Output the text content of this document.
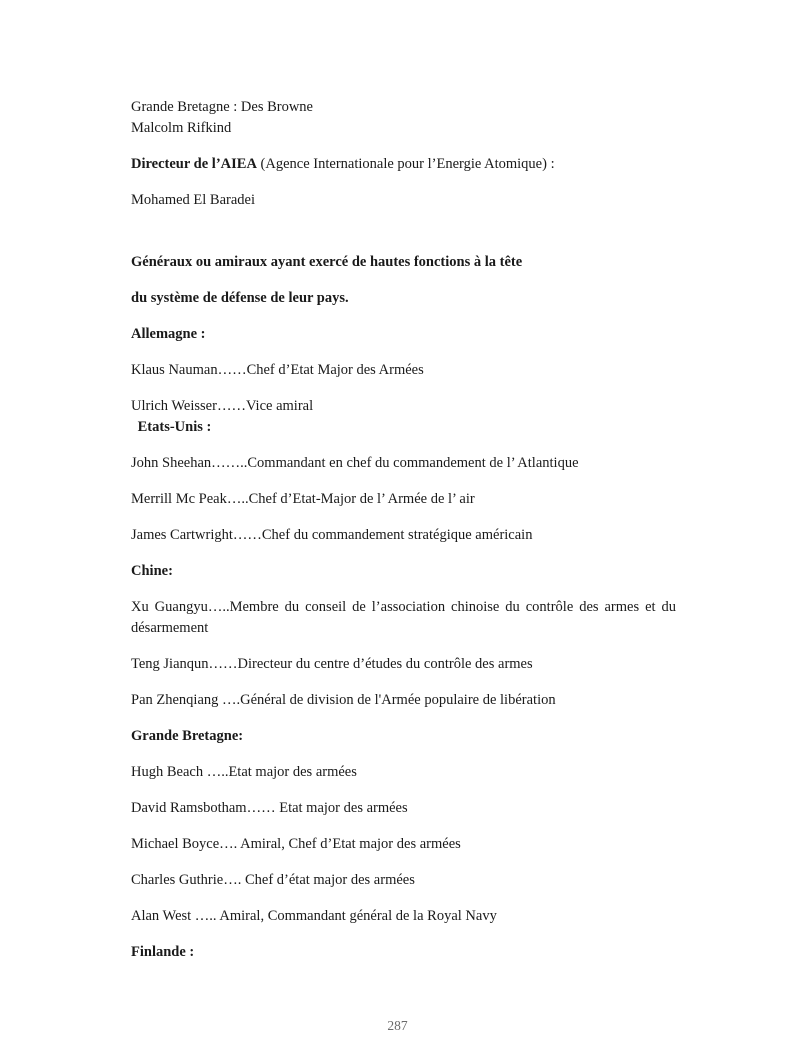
Grande Bretagne : Des Browne
Malcolm Rifkind
Directeur de l’AIEA (Agence Internationale pour l’Energie Atomique) :
Mohamed El Baradei
Généraux ou amiraux ayant exercé de hautes fonctions à la tête
du système de défense de leur pays.
Allemagne :
Klaus Nauman……Chef d’Etat Major des Armées
Ulrich Weisser……Vice amiral
Etats-Unis :
John Sheehan……..Commandant en chef du commandement de l’ Atlantique
Merrill Mc Peak…..Chef d’Etat-Major de l’ Armée de l’ air
James Cartwright……Chef du commandement stratégique américain
Chine:
Xu Guangyu…..Membre du conseil de l’association chinoise du contrôle des armes et du désarmement
Teng Jianqun……Directeur du centre d’études du contrôle des armes
Pan Zhenqiang ….Général de division de l'Armée populaire de libération
Grande Bretagne:
Hugh Beach …..Etat major des armées
David Ramsbotham…… Etat major des armées
Michael Boyce…. Amiral, Chef d’Etat major des armées
Charles Guthrie…. Chef d’état major des armées
Alan West ….. Amiral, Commandant général de la Royal Navy
Finlande :
287
